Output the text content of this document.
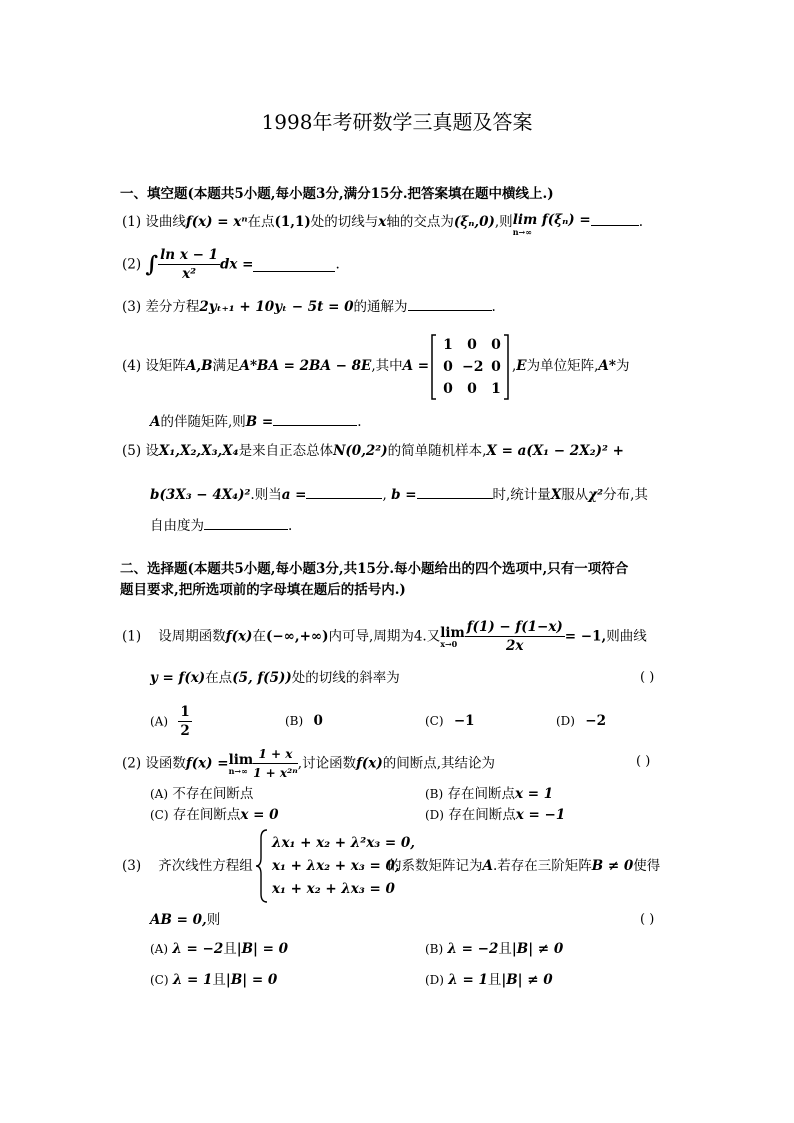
1998年考研数学三真题及答案
一、填空题(本题共5小题,每小题3分,满分15分.把答案填在题中横线上.)
(1) 设曲线f(x) = xⁿ在点(1,1)处的切线与x轴的交点为(ξₙ,0),则lim f(ξₙ) =
n→∞
.
(2) ∫ $\frac{\text{ln x − 1}}{\text{x²}}$ dx =	.
(3) 差分方程2yₜ₊₁ + 10yₜ − 5t = 0的通解为	.
(4) 设矩阵A,B满足A*BA = 2BA − 8E,其中A =
1	0	0
0 −2 0
0	0	1
,E为单位矩阵,A*为
A的伴随矩阵,则B =	.
(5) 设X₁,X₂,X₃,X₄是来自正态总体N(0,2²)的简单随机样本,X = a(X₁ − 2X₂)² +
b(3X₃ − 4X₄)².则当a =	, b =	时,统计量X服从χ²分布,其
自由度为	.
二、选择题(本题共5小题,每小题3分,共15分.每小题给出的四个选项中,只有一项符合
题目要求,把所选项前的字母填在题后的括号内.)
(1) 设周期函数f(x)在(−∞,+∞)内可导,周期为4.又 lim
$x\to 0 \frac{f(1) - f(1-x)}{2x} = -1$,则曲线
y = f(x)在点(5, f(5))处的切线的斜率为	( )
$(A) \frac{1}{2}$	(B) 0	(C) −1	(D) −2
(2) 设函数f(x) = lim
$n\to\infty \frac{1 + x}{\text{1 + x²ⁿ}}$ ,讨论函数f(x)的间断点,其结论为	( )
(A) 不存在间断点	(B) 存在间断点x = 1
(C) 存在间断点x = 0	(D) 存在间断点x = −1
(3) 齐次线性方程组
λx₁ + x₂ + λ²x₃ = 0,
x₁ + λx₂ + x₃ = 0,
x₁ + x₂ + λx₃ = 0
的系数矩阵记为A.若存在三阶矩阵B ≠ 0使得
AB = 0,则	( )
(A) λ = −2且|B| = 0	(B) λ = −2且|B| ≠ 0
(C) λ = 1且|B| = 0	(D) λ = 1且|B| ≠ 0
